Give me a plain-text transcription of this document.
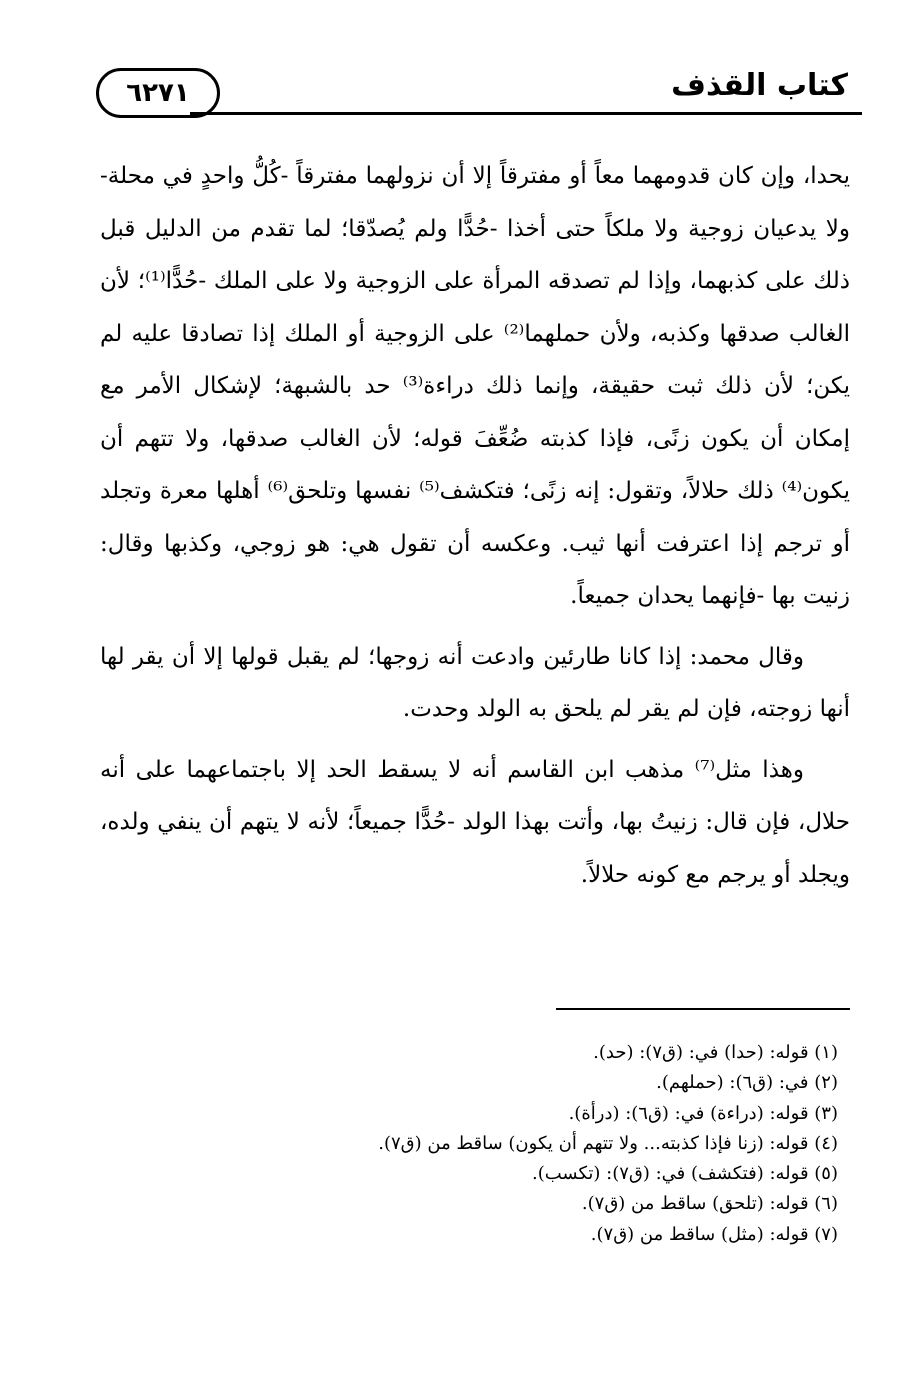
٦٢٧١	كتاب القذف

يحدا، وإن كان قدومهما معاً أو مفترقاً إلا أن نزولهما مفترقاً -كُلُّ واحدٍ في محلة- ولا يدعيان زوجية ولا ملكاً حتى أخذا -حُدًّا ولم يُصدّقا؛ لما تقدم من الدليل قبل ذلك على كذبهما، وإذا لم تصدقه المرأة على الزوجية ولا على الملك -حُدًّا⁽¹⁾؛ لأن الغالب صدقها وكذبه، ولأن حملهما⁽²⁾ على الزوجية أو الملك إذا تصادقا عليه لم يكن؛ لأن ذلك ثبت حقيقة، وإنما ذلك دراءة⁽³⁾ حد بالشبهة؛ لإشكال الأمر مع إمكان أن يكون زنًى، فإذا كذبته ضُعِّفَ قوله؛ لأن الغالب صدقها، ولا تتهم أن يكون⁽⁴⁾ ذلك حلالاً، وتقول: إنه زنًى؛ فتكشف⁽⁵⁾ نفسها وتلحق⁽⁶⁾ أهلها معرة وتجلد أو ترجم إذا اعترفت أنها ثيب. وعكسه أن تقول هي: هو زوجي، وكذبها وقال: زنيت بها -فإنهما يحدان جميعاً.

وقال محمد: إذا كانا طارئين وادعت أنه زوجها؛ لم يقبل قولها إلا أن يقر لها أنها زوجته، فإن لم يقر لم يلحق به الولد وحدت.

وهذا مثل⁽⁷⁾ مذهب ابن القاسم أنه لا يسقط الحد إلا باجتماعهما على أنه حلال، فإن قال: زنيتُ بها، وأتت بهذا الولد -حُدًّا جميعاً؛ لأنه لا يتهم أن ينفي ولده، ويجلد أو يرجم مع كونه حلالاً.

(١) قوله: (حدا) في: (ق٧): (حد).
(٢) في: (ق٦): (حملهم).
(٣) قوله: (دراءة) في: (ق٦): (درأة).
(٤) قوله: (زنا فإذا كذبته... ولا تتهم أن يكون) ساقط من (ق٧).
(٥) قوله: (فتكشف) في: (ق٧): (تكسب).
(٦) قوله: (تلحق) ساقط من (ق٧).
(٧) قوله: (مثل) ساقط من (ق٧).
